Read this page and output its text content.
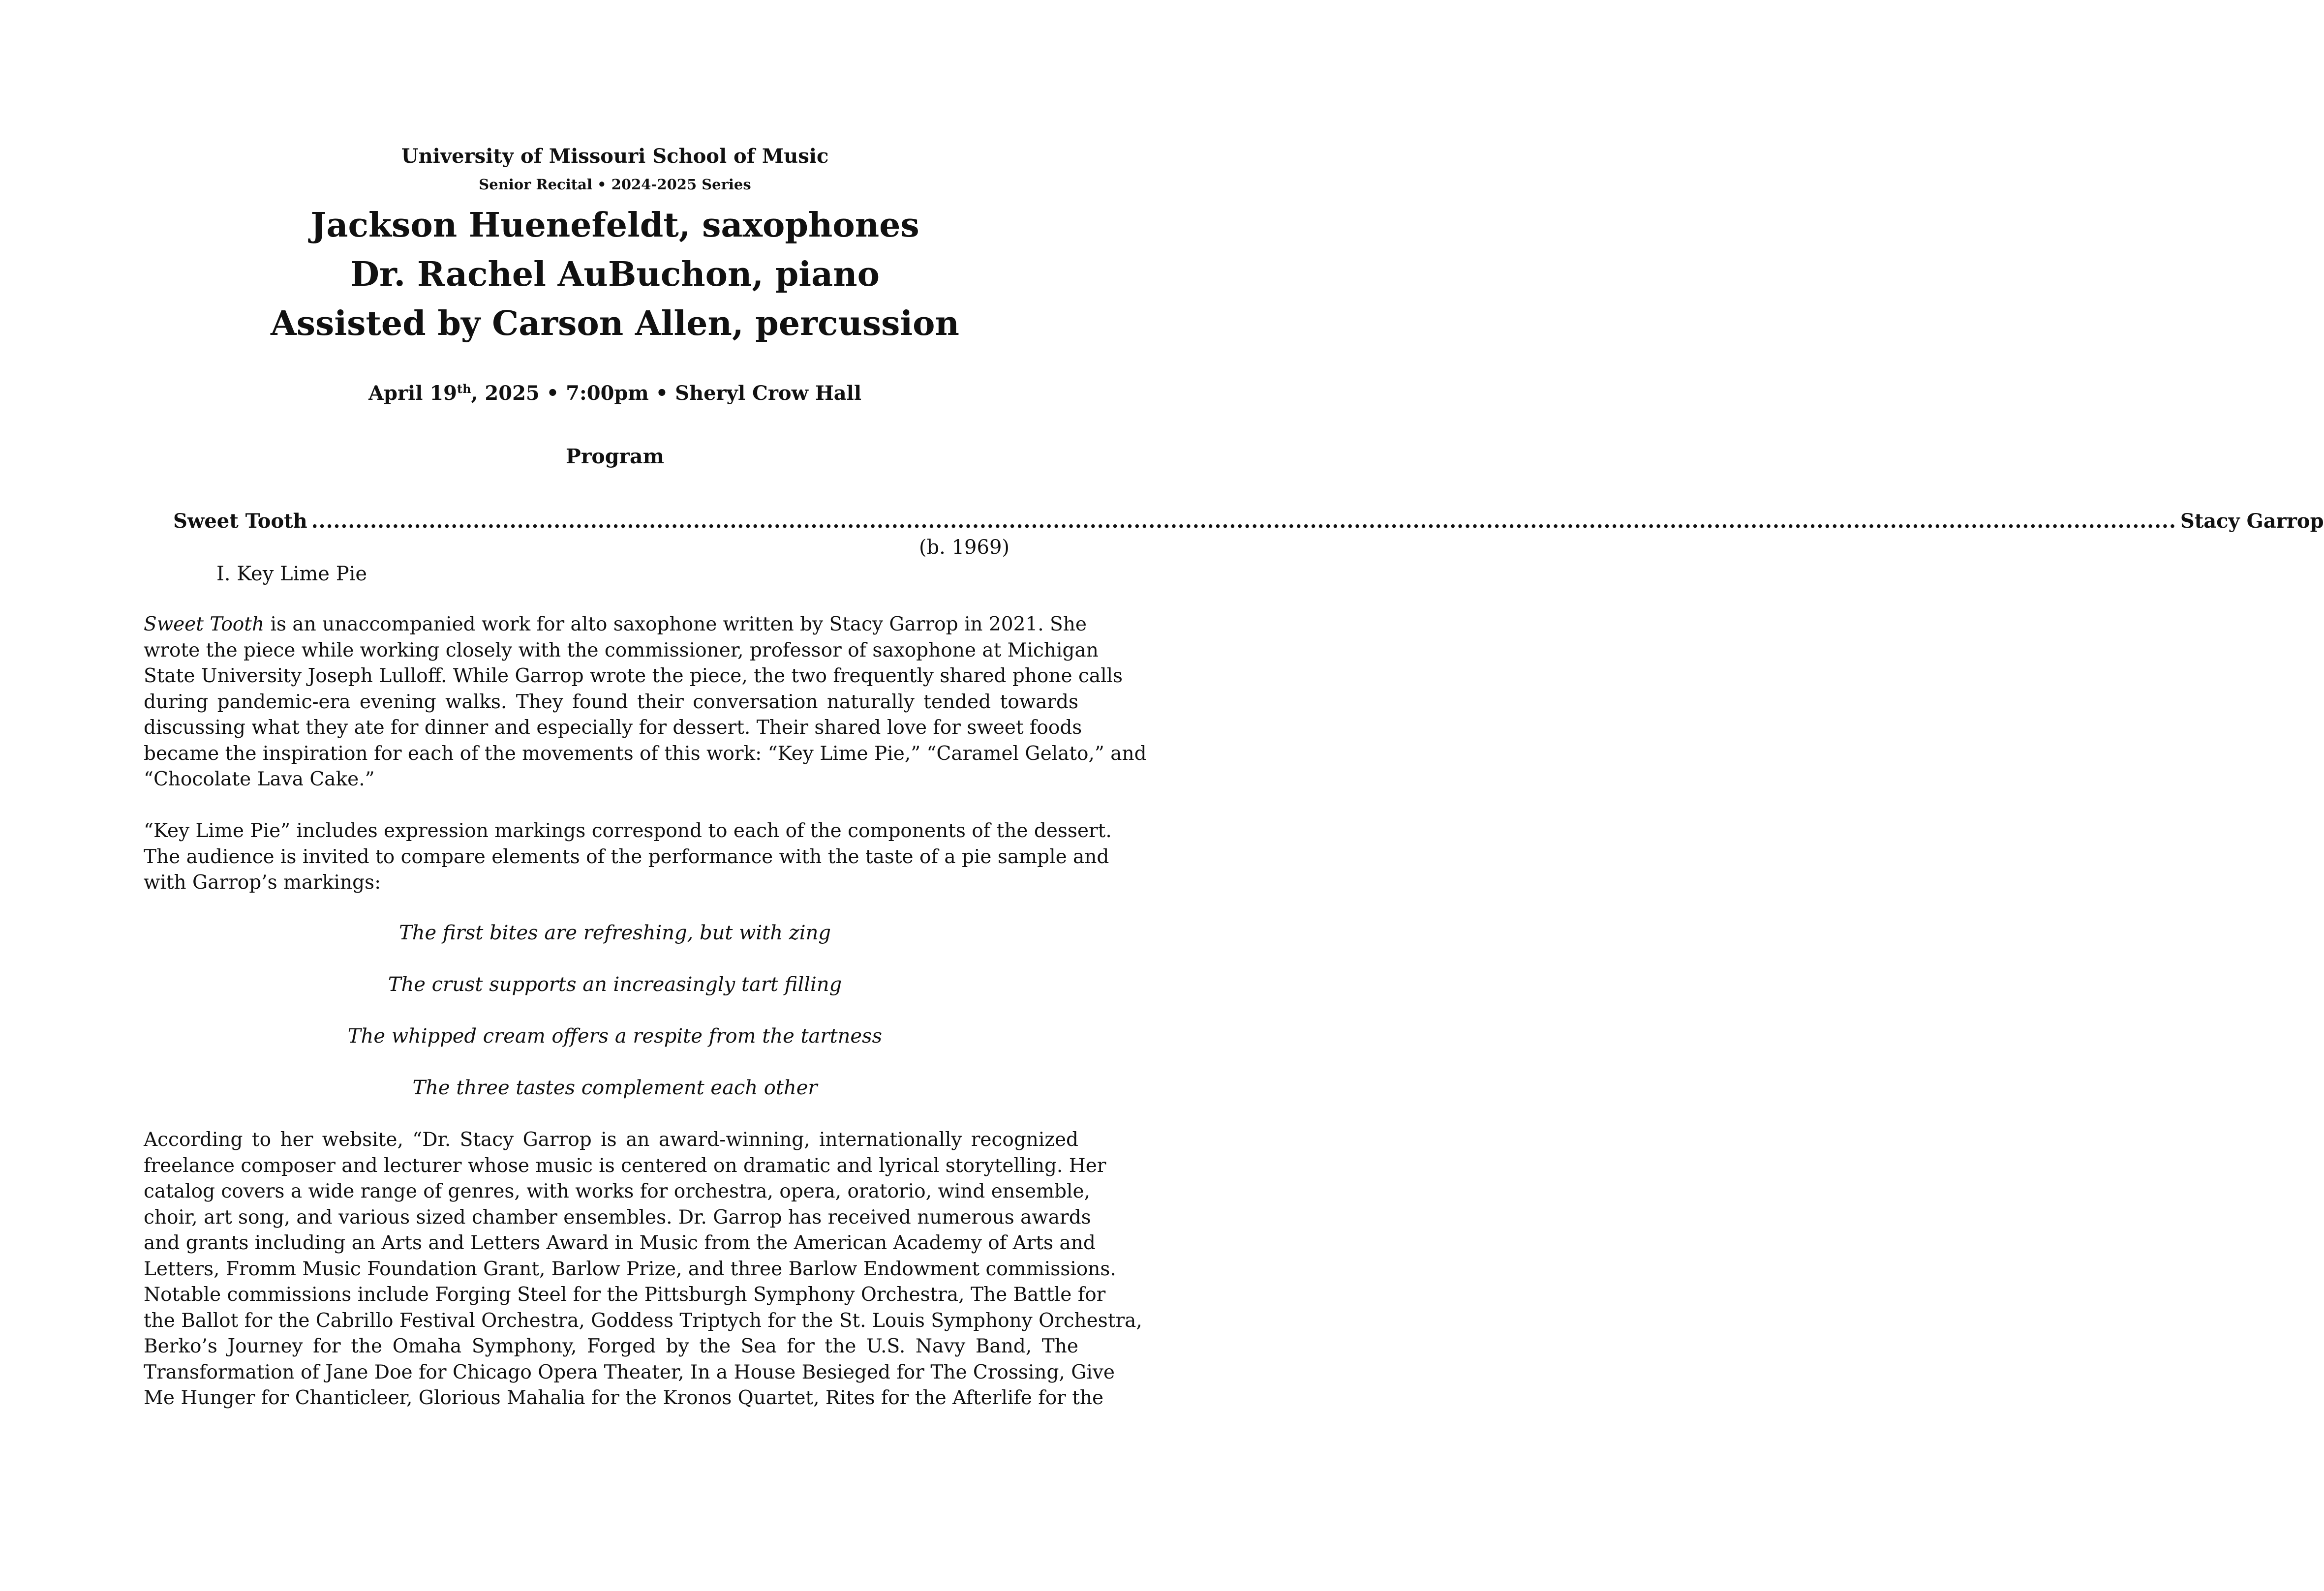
University of Missouri School of Music
Senior Recital • 2024-2025 Series
Jackson Huenefeldt, saxophones
Dr. Rachel AuBuchon, piano
Assisted by Carson Allen, percussion
April 19th, 2025 • 7:00pm • Sheryl Crow Hall
Program
Sweet Tooth .............................................................................................................................................................................................................................................................. Stacy Garrop
(b. 1969)
I. Key Lime Pie
Sweet Tooth is an unaccompanied work for alto saxophone written by Stacy Garrop in 2021. She
wrote the piece while working closely with the commissioner, professor of saxophone at Michigan
State University Joseph Lulloff. While Garrop wrote the piece, the two frequently shared phone calls
during pandemic-era evening walks. They found their conversation naturally tended towards
discussing what they ate for dinner and especially for dessert. Their shared love for sweet foods
became the inspiration for each of the movements of this work: “Key Lime Pie,” “Caramel Gelato,” and
“Chocolate Lava Cake.”
“Key Lime Pie” includes expression markings correspond to each of the components of the dessert.
The audience is invited to compare elements of the performance with the taste of a pie sample and
with Garrop’s markings:
The first bites are refreshing, but with zing
The crust supports an increasingly tart filling
The whipped cream offers a respite from the tartness
The three tastes complement each other
According to her website, “Dr. Stacy Garrop is an award-winning, internationally recognized
freelance composer and lecturer whose music is centered on dramatic and lyrical storytelling. Her
catalog covers a wide range of genres, with works for orchestra, opera, oratorio, wind ensemble,
choir, art song, and various sized chamber ensembles. Dr. Garrop has received numerous awards
and grants including an Arts and Letters Award in Music from the American Academy of Arts and
Letters, Fromm Music Foundation Grant, Barlow Prize, and three Barlow Endowment commissions.
Notable commissions include Forging Steel for the Pittsburgh Symphony Orchestra, The Battle for
the Ballot for the Cabrillo Festival Orchestra, Goddess Triptych for the St. Louis Symphony Orchestra,
Berko’s Journey for the Omaha Symphony, Forged by the Sea for the U.S. Navy Band, The
Transformation of Jane Doe for Chicago Opera Theater, In a House Besieged for The Crossing, Give
Me Hunger for Chanticleer, Glorious Mahalia for the Kronos Quartet, Rites for the Afterlife for the
